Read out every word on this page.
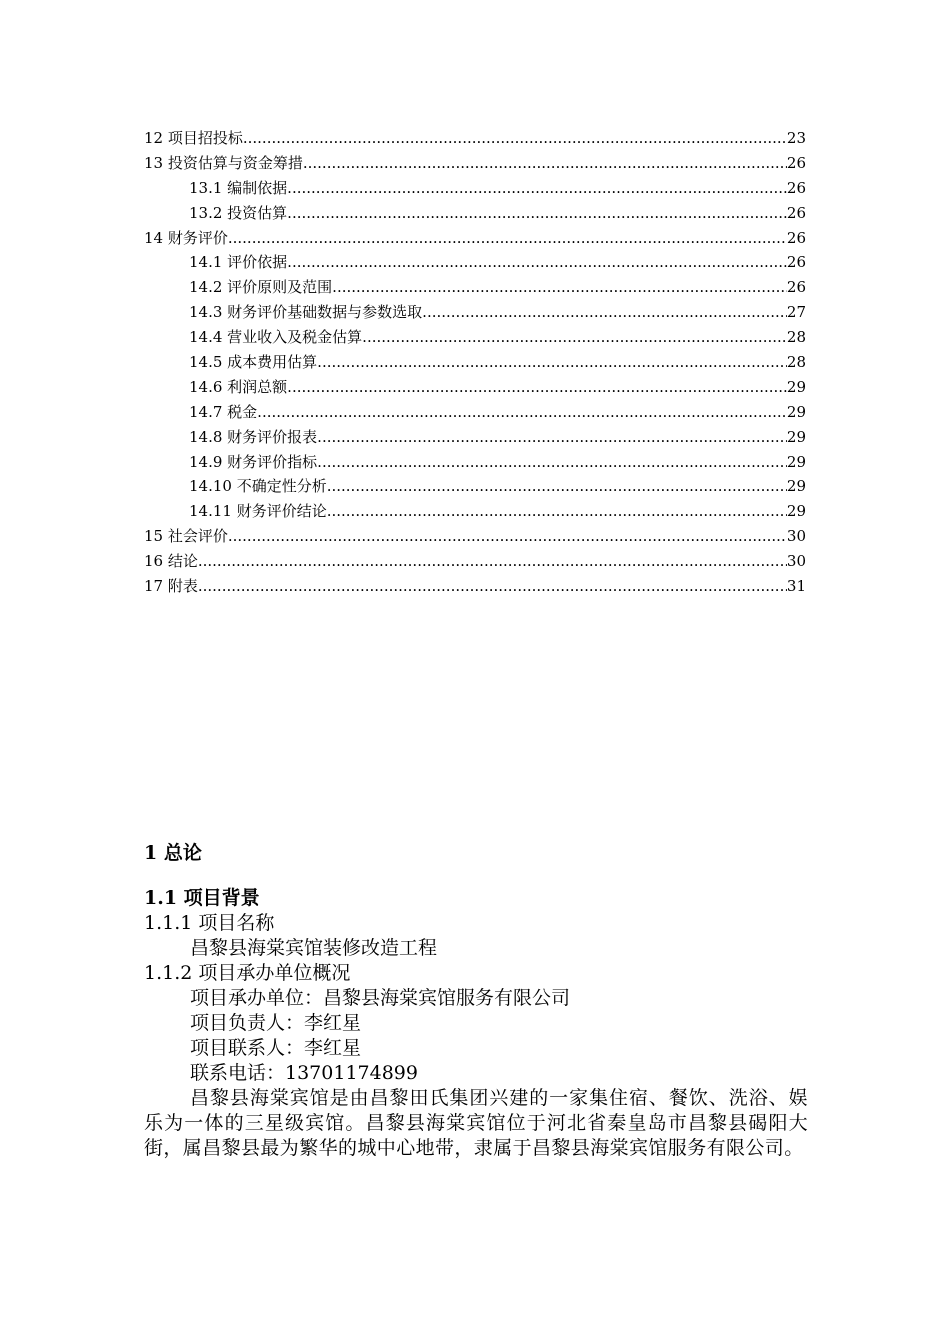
12 项目招投标 .....	23
13 投资估算与资金筹措 .....	26
13.1 编制依据 .....	26
13.2 投资估算 .....	26
14 财务评价 .....	26
14.1 评价依据 .....	26
14.2 评价原则及范围 .....	26
14.3 财务评价基础数据与参数选取 .....	27
14.4 营业收入及税金估算 .....	28
14.5 成本费用估算 .....	28
14.6 利润总额 .....	29
14.7 税金 .....	29
14.8 财务评价报表 .....	29
14.9 财务评价指标 .....	29
14.10 不确定性分析 .....	29
14.11 财务评价结论 .....	29
15 社会评价 .....	30
16 结论 .....	30
17 附表 .....	31
1 总论
1.1 项目背景
1.1.1 项目名称
昌黎县海棠宾馆装修改造工程
1.1.2 项目承办单位概况
项目承办单位：昌黎县海棠宾馆服务有限公司
项目负责人：李红星
项目联系人：李红星
联系电话：13701174899
昌黎县海棠宾馆是由昌黎田氏集团兴建的一家集住宿、餐饮、洗浴、娱乐为一体的三星级宾馆。昌黎县海棠宾馆位于河北省秦皇岛市昌黎县碣阳大街，属昌黎县最为繁华的城中心地带，隶属于昌黎县海棠宾馆服务有限公司。
